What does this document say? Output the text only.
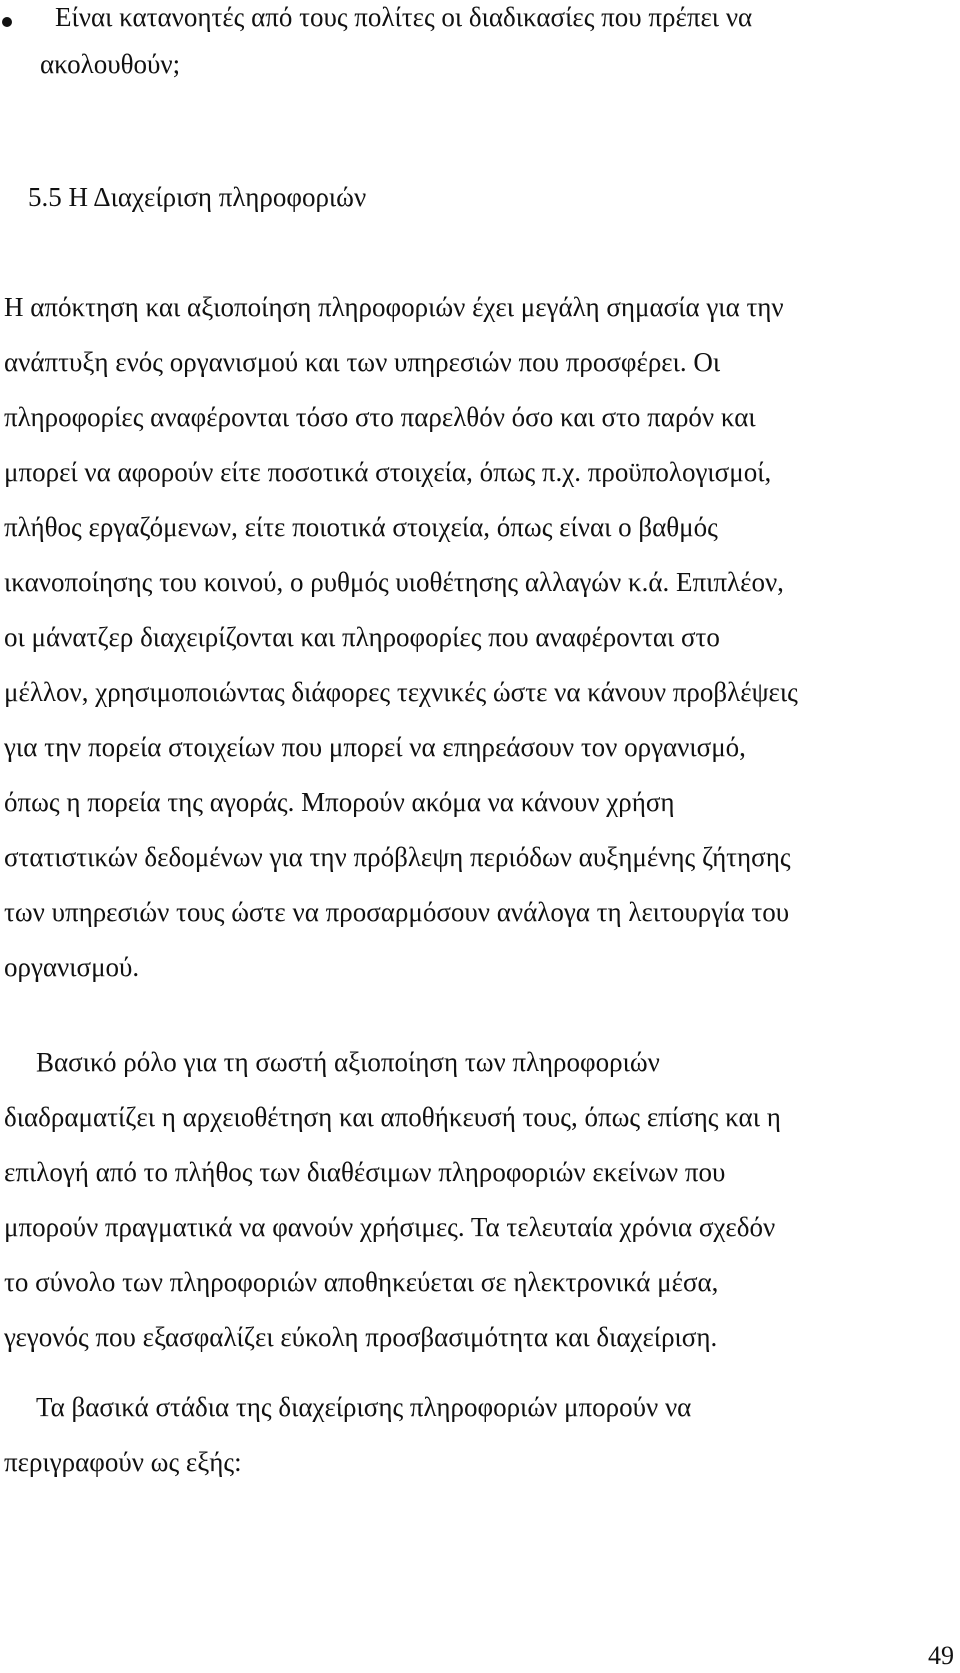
Είναι κατανοητές από τους πολίτες οι διαδικασίες που πρέπει να
ακολουθούν;
5.5 Η Διαχείριση πληροφοριών
Η απόκτηση και αξιοποίηση πληροφοριών έχει μεγάλη σημασία για την
ανάπτυξη ενός οργανισμού και των υπηρεσιών που προσφέρει. Οι
πληροφορίες αναφέρονται τόσο στο παρελθόν όσο και στο παρόν και
μπορεί να αφορούν είτε ποσοτικά στοιχεία, όπως π.χ. προϋπολογισμοί,
πλήθος εργαζόμενων, είτε ποιοτικά στοιχεία, όπως είναι ο βαθμός
ικανοποίησης του κοινού, ο ρυθμός υιοθέτησης αλλαγών κ.ά. Επιπλέον,
οι μάνατζερ διαχειρίζονται και πληροφορίες που αναφέρονται στο
μέλλον, χρησιμοποιώντας διάφορες τεχνικές ώστε να κάνουν προβλέψεις
για την πορεία στοιχείων που μπορεί να επηρεάσουν τον οργανισμό,
όπως η πορεία της αγοράς. Μπορούν ακόμα να κάνουν χρήση
στατιστικών δεδομένων για την πρόβλεψη περιόδων αυξημένης ζήτησης
των υπηρεσιών τους ώστε να προσαρμόσουν ανάλογα τη λειτουργία του
οργανισμού.
Βασικό ρόλο για τη σωστή αξιοποίηση των πληροφοριών
διαδραματίζει η αρχειοθέτηση και αποθήκευσή τους, όπως επίσης και η
επιλογή από το πλήθος των διαθέσιμων πληροφοριών εκείνων που
μπορούν πραγματικά να φανούν χρήσιμες. Τα τελευταία χρόνια σχεδόν
το σύνολο των πληροφοριών αποθηκεύεται σε ηλεκτρονικά μέσα,
γεγονός που εξασφαλίζει εύκολη προσβασιμότητα και διαχείριση.
Τα βασικά στάδια της διαχείρισης πληροφοριών μπορούν να
περιγραφούν ως εξής:
49
